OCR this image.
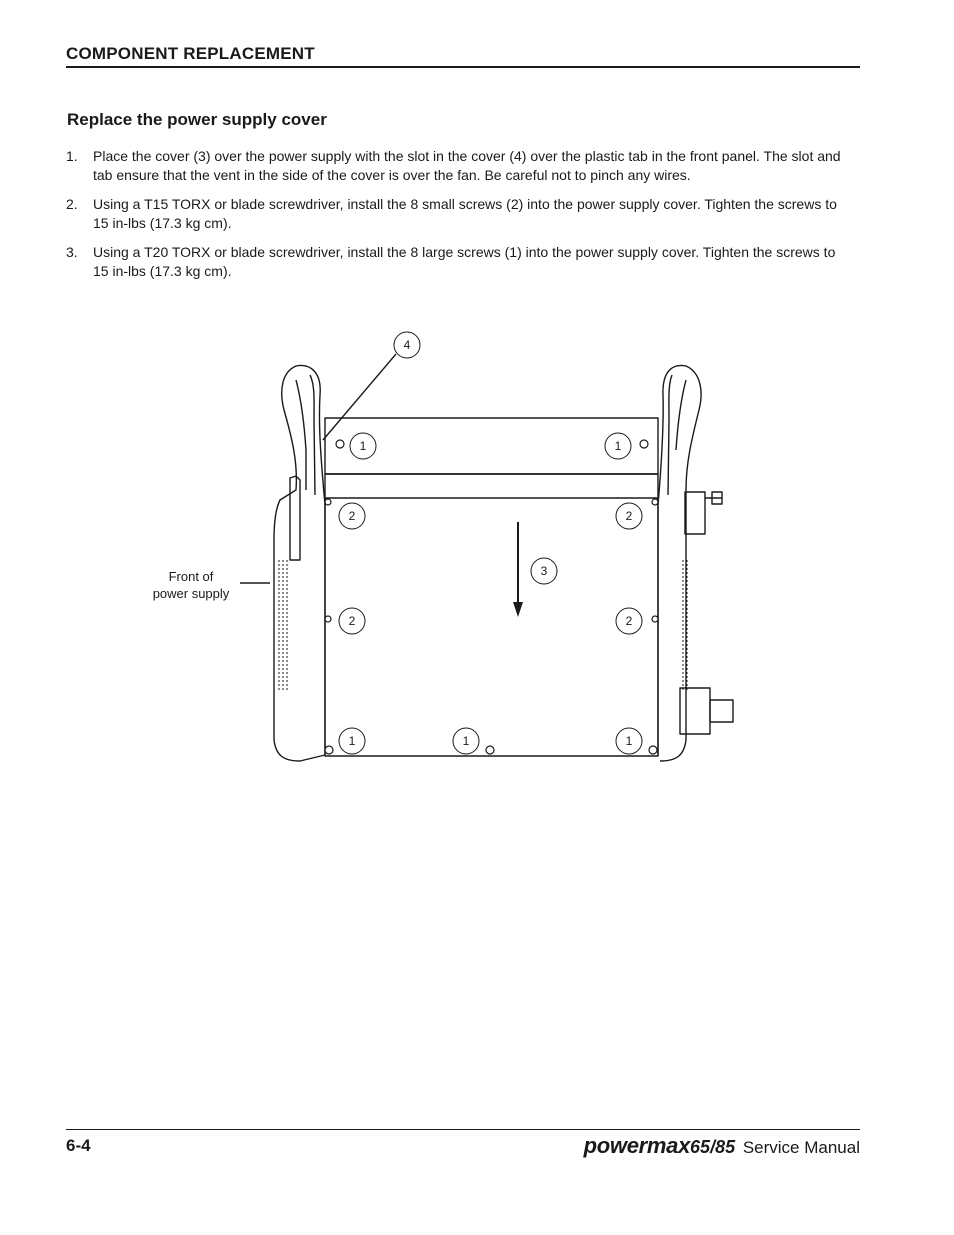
COMPONENT REPLACEMENT
Replace the power supply cover
1. Place the cover (3) over the power supply with the slot in the cover (4) over the plastic tab in the front panel. The slot and tab ensure that the vent in the side of the cover is over the fan. Be careful not to pinch any wires.
2. Using a T15 TORX or blade screwdriver, install the 8 small screws (2) into the power supply cover. Tighten the screws to 15 in-lbs (17.3 kg cm).
3. Using a T20 TORX or blade screwdriver, install the 8 large screws (1) into the power supply cover. Tighten the screws to 15 in-lbs (17.3 kg cm).
Front of
power supply
4
1	1
2	2
3
2	2
1	1	1
6-4	powermax65/85 Service Manual
